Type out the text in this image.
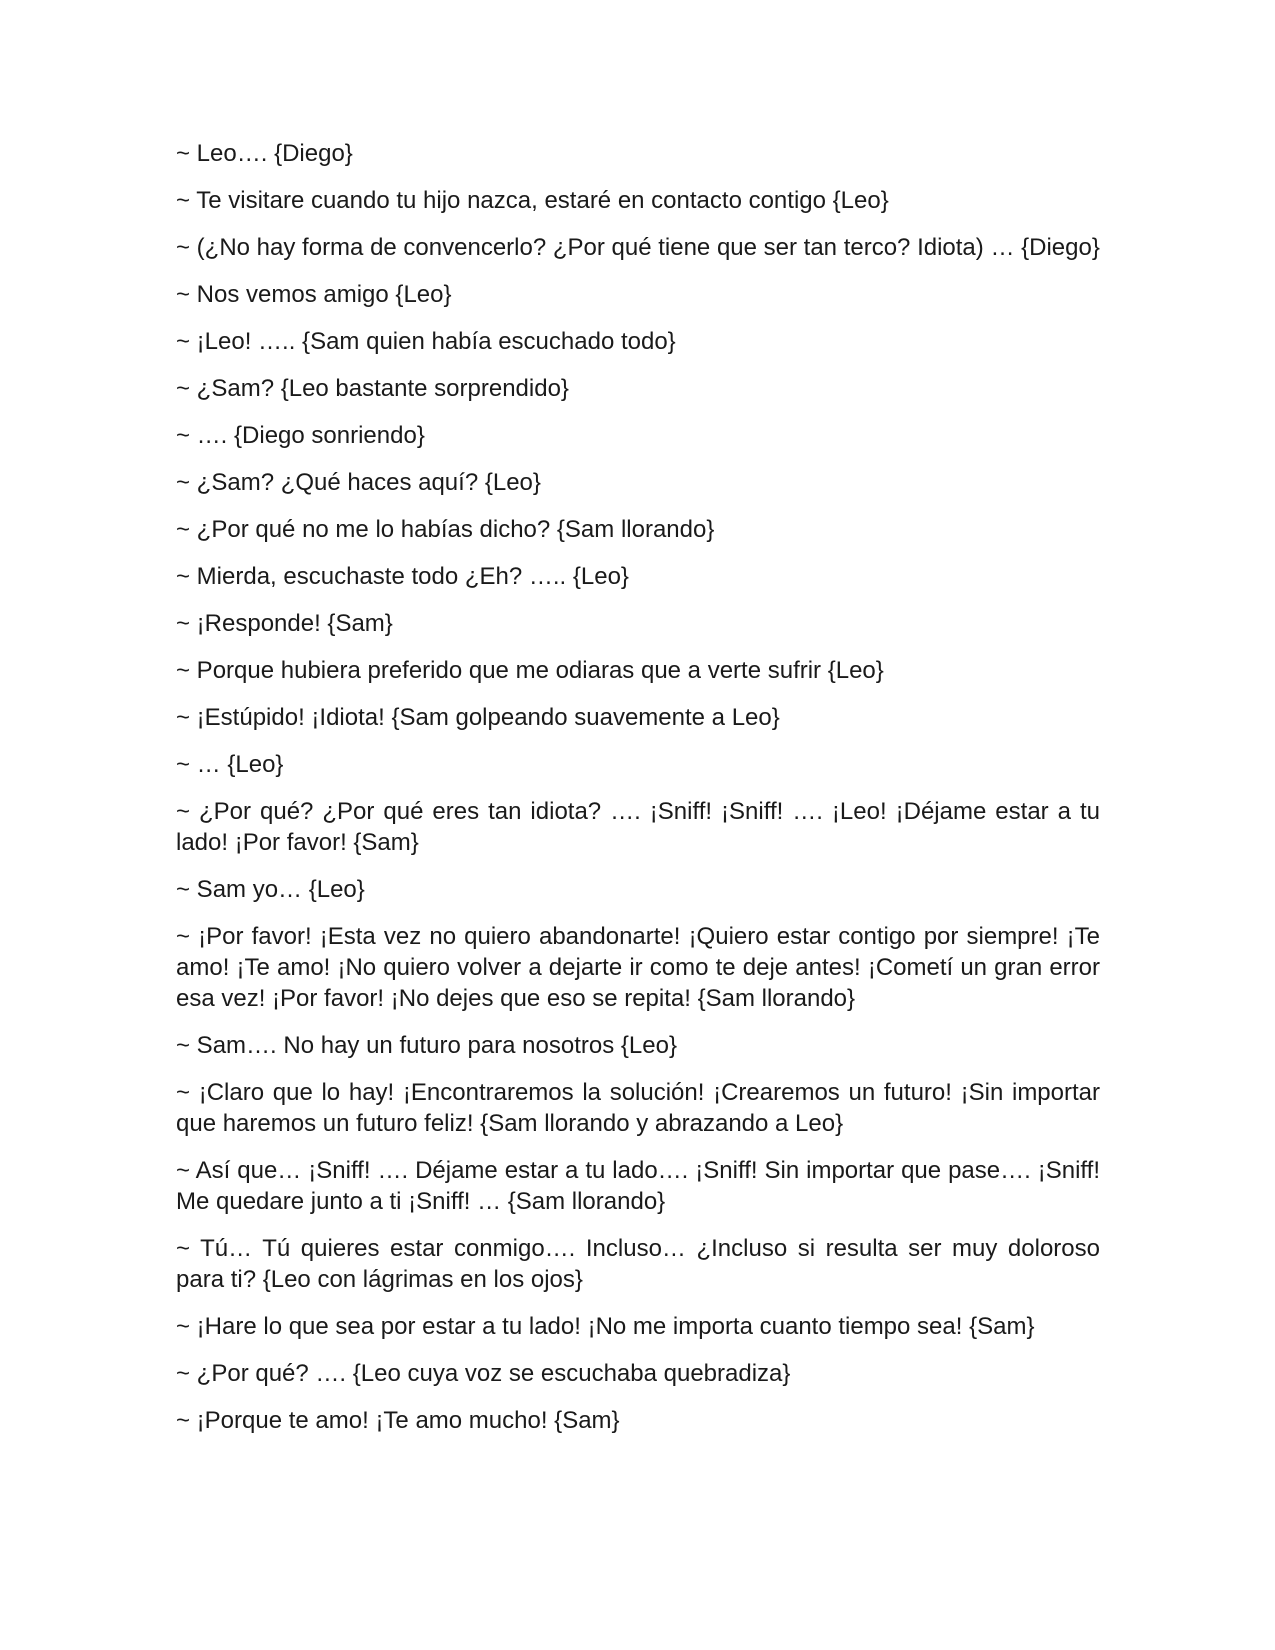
~ Leo…. {Diego}

~ Te visitare cuando tu hijo nazca, estaré en contacto contigo {Leo}

~ (¿No hay forma de convencerlo? ¿Por qué tiene que ser tan terco? Idiota) … {Diego}

~ Nos vemos amigo {Leo}

~ ¡Leo! ….. {Sam quien había escuchado todo}

~ ¿Sam? {Leo bastante sorprendido}

~ …. {Diego sonriendo}

~ ¿Sam? ¿Qué haces aquí? {Leo}

~ ¿Por qué no me lo habías dicho? {Sam llorando}

~ Mierda, escuchaste todo ¿Eh? ….. {Leo}

~ ¡Responde! {Sam}

~ Porque hubiera preferido que me odiaras que a verte sufrir {Leo}

~ ¡Estúpido! ¡Idiota! {Sam golpeando suavemente a Leo}

~ … {Leo}

~ ¿Por qué? ¿Por qué eres tan idiota? …. ¡Sniff! ¡Sniff! …. ¡Leo! ¡Déjame estar a tu lado! ¡Por favor! {Sam}

~ Sam yo… {Leo}

~ ¡Por favor! ¡Esta vez no quiero abandonarte! ¡Quiero estar contigo por siempre! ¡Te amo! ¡Te amo! ¡No quiero volver a dejarte ir como te deje antes! ¡Cometí un gran error esa vez! ¡Por favor! ¡No dejes que eso se repita! {Sam llorando}

~ Sam…. No hay un futuro para nosotros {Leo}

~ ¡Claro que lo hay! ¡Encontraremos la solución! ¡Crearemos un futuro! ¡Sin importar que haremos un futuro feliz! {Sam llorando y abrazando a Leo}

~ Así que… ¡Sniff! …. Déjame estar a tu lado…. ¡Sniff! Sin importar que pase…. ¡Sniff! Me quedare junto a ti ¡Sniff! … {Sam llorando}

~ Tú… Tú quieres estar conmigo…. Incluso… ¿Incluso si resulta ser muy doloroso para ti? {Leo con lágrimas en los ojos}

~ ¡Hare lo que sea por estar a tu lado! ¡No me importa cuanto tiempo sea! {Sam}

~ ¿Por qué? …. {Leo cuya voz se escuchaba quebradiza}

~ ¡Porque te amo! ¡Te amo mucho! {Sam}
